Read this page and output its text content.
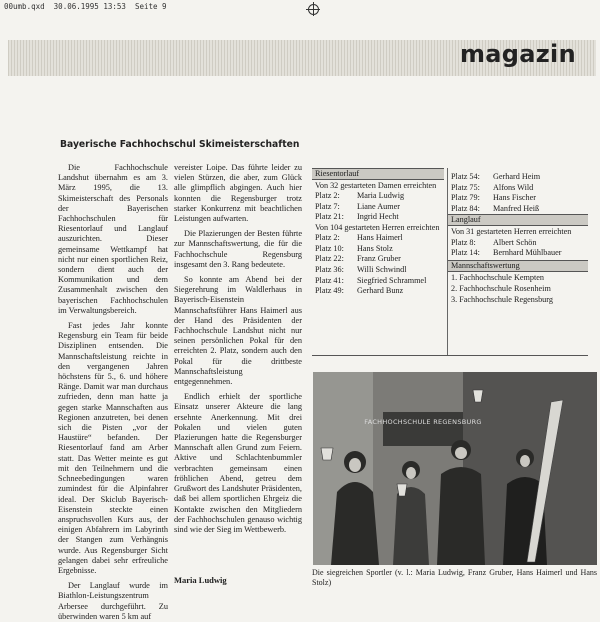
00umb.qxd  30.06.1995 13:53  Seite 9
magazin
Bayerische Fachhochschul Skimeisterschaften

Die Fachhochschule Landshut übernahm es am 3. März 1995, die 13. Skimeisterschaft des Personals der Bayerischen Fachhochschulen für Riesentorlauf und Langlauf auszurichten. Dieser gemeinsame Wettkampf hat nicht nur einen sportlichen Reiz, sondern dient auch der Kommunikation und dem Zusammenhalt zwischen den bayerischen Fachhochschulen im Verwaltungsbereich.

Fast jedes Jahr konnte Regensburg ein Team für beide Disziplinen entsenden. Die Mannschaftsleistung reichte in den vergangenen Jahren höchstens für 5., 6. und höhere Ränge. Damit war man durchaus zufrieden, denn man hatte ja gegen starke Mannschaften aus Regionen anzutreten, bei denen sich die Pisten „vor der Haustüre“ befanden. Der Riesentorlauf fand am Arber statt. Das Wetter meinte es gut mit den Teilnehmern und die Schneebedingungen waren zumindest für die Alpinfahrer ideal. Der Skiclub Bayerisch-Eisenstein steckte einen anspruchsvollen Kurs aus, der einigen Abfahrern im Labyrinth der Stangen zum Verhängnis wurde. Aus Regensburger Sicht gelangen dabei sehr erfreuliche Ergebnisse.

Der Langlauf wurde im Biathlon-Leistungszentrum Arbersee durchgeführt. Zu überwinden waren 5 km auf

vereister Loipe. Das führte leider zu vielen Stürzen, die aber, zum Glück alle glimpflich abgingen. Auch hier konnten die Regensburger trotz starker Konkurrenz mit beachtlichen Leistungen aufwarten.

Die Plazierungen der Besten führte zur Mannschaftswertung, die für die Fachhochschule Regensburg insgesamt den 3. Rang bedeutete.

So konnte am Abend bei der Siegerehrung im Waldlerhaus in Bayerisch-Eisenstein Mannschaftsführer Hans Haimerl aus der Hand des Präsidenten der Fachhochschule Landshut nicht nur seinen persönlichen Pokal für den erreichten 2. Platz, sondern auch den Pokal für die drittbeste Mannschaftsleistung entgegennehmen.

Endlich erhielt der sportliche Einsatz unserer Akteure die lang ersehnte Anerkennung. Mit drei Pokalen und vielen guten Plazierungen hatte die Regensburger Mannschaft allen Grund zum Feiern. Aktive und Schlachtenbummler verbrachten gemeinsam einen fröhlichen Abend, getreu dem Grußwort des Landshuter Präsidenten, daß bei allem sportlichen Ehrgeiz die Kontakte zwischen den Mitgliedern der Fachhochschulen genauso wichtig sind wie der Sieg im Wettbewerb.

Maria Ludwig
Riesentorlauf
Von 32 gestarteten Damen erreichten
Platz 2:	Maria Ludwig
Platz 7:	Liane Aumer
Platz 21:	Ingrid Hecht
Von 104 gestarteten Herren erreichten
Platz 2:	Hans Haimerl
Platz 10:	Hans Stolz
Platz 22:	Franz Gruber
Platz 36:	Willi Schwindl
Platz 41:	Siegfried Schrammel
Platz 49:	Gerhard Bunz
Platz 54:	Gerhard Heim
Platz 75:	Alfons Wild
Platz 79:	Hans Fischer
Platz 84:	Manfred Heiß
Langlauf
Von 31 gestarteten Herren erreichten
Platz 8:	Albert Schön
Platz 14:	Bernhard Mühlbauer
Mannschaftswertung
1. Fachhochschule Kempten
2. Fachhochschule Rosenheim
3. Fachhochschule Regensburg
FACHHOCHSCHULE REGENSBURG
Die siegreichen Sportler (v. l.: Maria Ludwig, Franz Gruber, Hans Haimerl und Hans Stolz)
